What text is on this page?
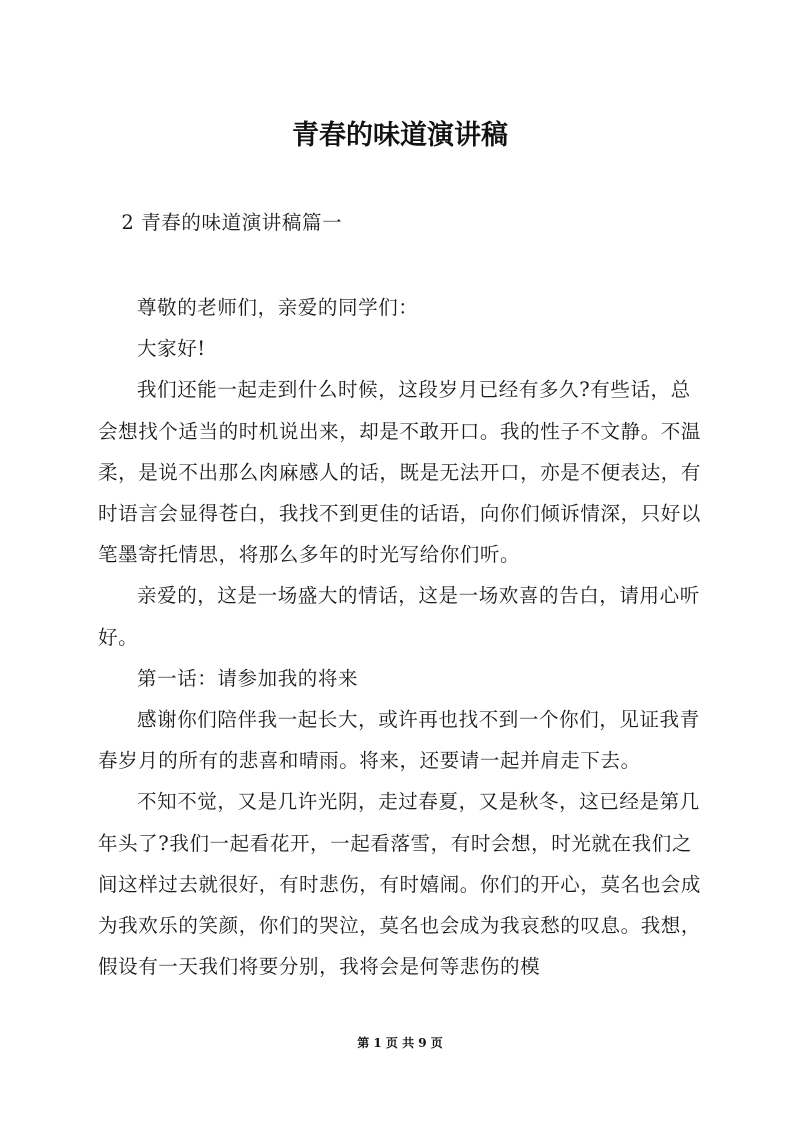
青春的味道演讲稿

2 青春的味道演讲稿篇一

尊敬的老师们，亲爱的同学们：

大家好!

我们还能一起走到什么时候，这段岁月已经有多久?有些话，总会想找个适当的时机说出来，却是不敢开口。我的性子不文静。不温柔，是说不出那么肉麻感人的话，既是无法开口，亦是不便表达，有时语言会显得苍白，我找不到更佳的话语，向你们倾诉情深，只好以笔墨寄托情思，将那么多年的时光写给你们听。

亲爱的，这是一场盛大的情话，这是一场欢喜的告白，请用心听好。

第一话：请参加我的将来

感谢你们陪伴我一起长大，或许再也找不到一个你们，见证我青春岁月的所有的悲喜和晴雨。将来，还要请一起并肩走下去。

不知不觉，又是几许光阴，走过春夏，又是秋冬，这已经是第几年头了?我们一起看花开，一起看落雪，有时会想，时光就在我们之间这样过去就很好，有时悲伤，有时嬉闹。你们的开心，莫名也会成为我欢乐的笑颜，你们的哭泣，莫名也会成为我哀愁的叹息。我想，假设有一天我们将要分别，我将会是何等悲伤的模

第 1 页 共 9 页
